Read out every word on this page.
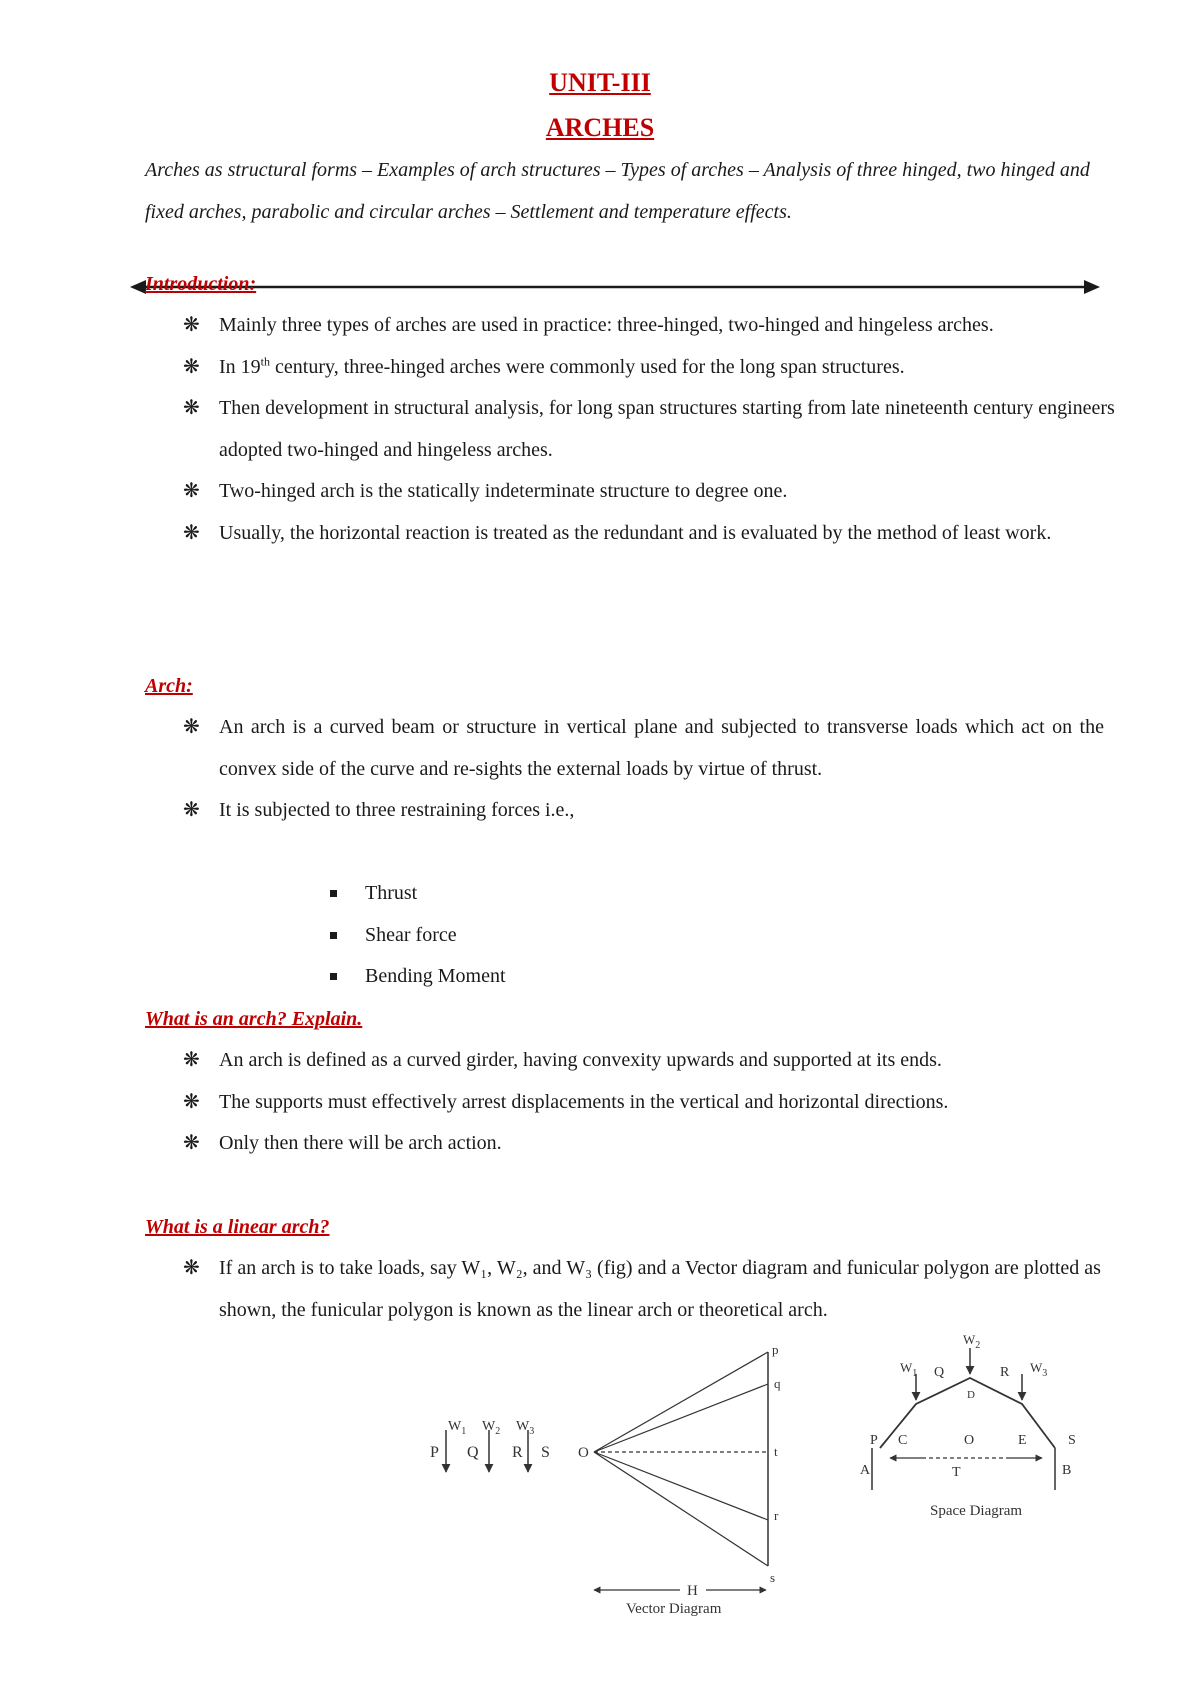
UNIT-III
ARCHES

Arches as structural forms – Examples of arch structures – Types of arches – Analysis of three hinged, two hinged and fixed arches, parabolic and circular arches – Settlement and temperature effects.

Introduction:

❋ Mainly three types of arches are used in practice: three-hinged, two-hinged and hingeless arches.
❋ In 19th century, three-hinged arches were commonly used for the long span structures.
❋ Then development in structural analysis, for long span structures starting from late nineteenth century engineers adopted two-hinged and hingeless arches.
❋ Two-hinged arch is the statically indeterminate structure to degree one.
❋ Usually, the horizontal reaction is treated as the redundant and is evaluated by the method of least work.

Arch:

❋ An arch is a curved beam or structure in vertical plane and subjected to transverse loads which act on the convex side of the curve and re-sights the external loads by virtue of thrust.
❋ It is subjected to three restraining forces i.e.,
Thrust
Shear force
Bending Moment

What is an arch? Explain.

❋ An arch is defined as a curved girder, having convexity upwards and supported at its ends.
❋ The supports must effectively arrest displacements in the vertical and horizontal directions.
❋ Only then there will be arch action.

What is a linear arch?

❋ If an arch is to take loads, say W₁, W₂, and W₃ (fig) and a Vector diagram and funicular polygon are plotted as shown, the funicular polygon is known as the linear arch or theoretical arch.
P Q R S
$W_1$ $W_2$ $W_3$
O
p
q
t
r
s
H
Vector Diagram
$W_2$
$W_1$	$W_3$
Q	R
D
P C	O	E	S
A	B
T
Space Diagram
